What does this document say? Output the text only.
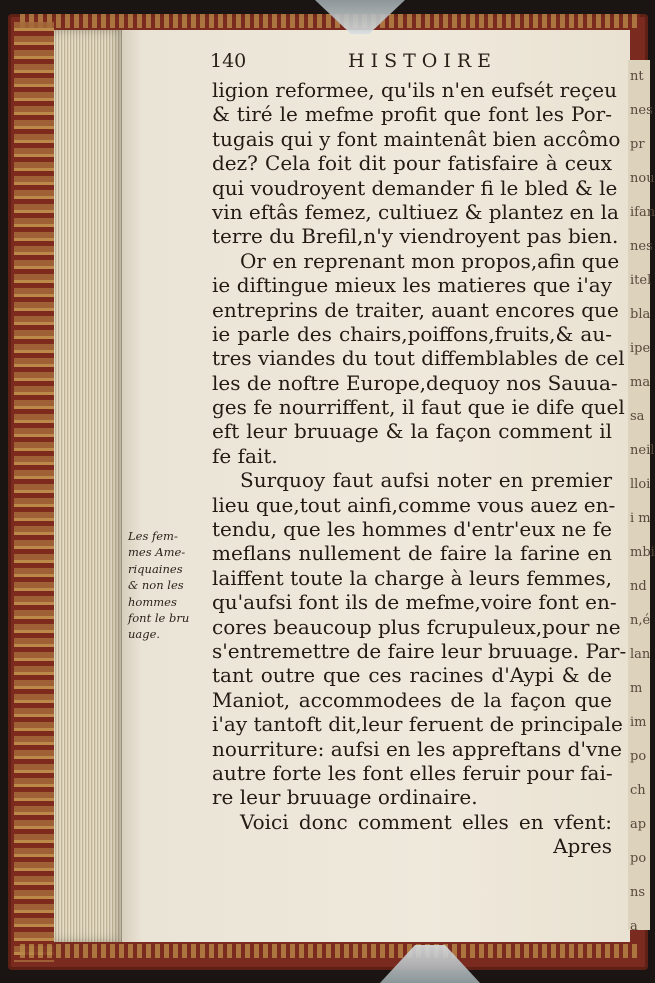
nt
nes
pr
nou
ifan
nes
itel
bla
ipe
ma
sa
neil
lloi
i m
mbi
nd
n,é
lan
m
im
po
ch
ap
po
ns
a
140	HISTOIRE
ligion reformee, qu'ils n'en eufsét reçeu
& tiré le mefme profit que font les Por-
tugais qui y font maintenât bien accômo
dez? Cela foit dit pour fatisfaire à ceux
qui voudroyent demander fi le bled & le
vin eftâs femez, cultiuez & plantez en la
terre du Brefil,n'y viendroyent pas bien.
Or en reprenant mon propos,afin que
ie diftingue mieux les matieres que i'ay
entreprins de traiter, auant encores que
ie parle des chairs,poiffons,fruits,& au-
tres viandes du tout diffemblables de cel
les de noftre Europe,dequoy nos Sauua-
ges fe nourriffent, il faut que ie dife quel
eft leur bruuage & la façon comment il
fe fait.
Surquoy faut aufsi noter en premier
lieu que,tout ainfi,comme vous auez en-
tendu, que les hommes d'entr'eux ne fe
meflans nullement de faire la farine en
laiffent toute la charge à leurs femmes,
qu'aufsi font ils de mefme,voire font en-
cores beaucoup plus fcrupuleux,pour ne
s'entremettre de faire leur bruuage. Par-
tant outre que ces racines d'Aypi & de
Maniot, accommodees de la façon que
i'ay tantoft dit,leur feruent de principale
nourriture: aufsi en les appreftans d'vne
autre forte les font elles feruir pour fai-
re leur bruuage ordinaire.
Voici donc comment elles en vfent:
Apres
Les fem-
mes Ame-
riquaines
& non les
hommes
font le bru
uage.
